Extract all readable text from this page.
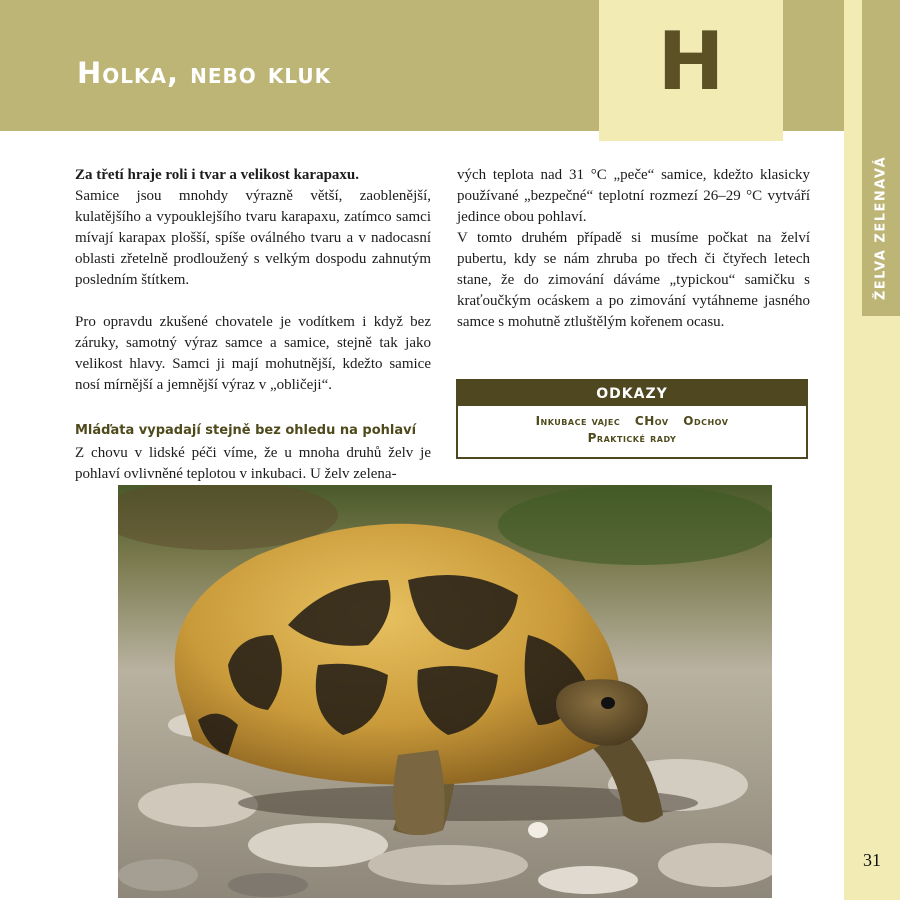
Holka, nebo kluk	H
ŽELVA ZELENAVÁ
31

Za třetí hraje roli i tvar a velikost karapaxu.

Samice jsou mnohdy výrazně větší, zaoblenější, kulatějšího a vypouklejšího tvaru karapaxu, zatímco samci mívají karapax plošší, spíše oválného tvaru a v nadocasní oblasti zřetelně prodloužený s velkým dospodu zahnutým posledním štítkem.

Pro opravdu zkušené chovatele je vodítkem i když bez záruky, samotný výraz samce a samice, stejně tak jako velikost hlavy. Samci ji mají mohutnější, kdežto samice nosí mírnější a jemnější výraz v „obličeji“.

Mláďata vypadají stejně bez ohledu na pohlaví

Z chovu v lidské péči víme, že u mnoha druhů želv je pohlaví ovlivněné teplotou v inkubaci. U želv zelena-

vých teplota nad 31 °C „peče“ samice, kdežto klasicky používané „bezpečné“ teplotní rozmezí 26–29 °C vytváří jedince obou pohlaví.

V tomto druhém případě si musíme počkat na želví pubertu, kdy se nám zhruba po třech či čtyřech letech stane, že do zimování dáváme „typickou“ samičku s kraťoučkým ocáskem a po zimování vytáhneme jasného samce s mohutně ztluštělým kořenem ocasu.

ODKAZY
Inkubace vajec CHov Odchov
Praktické rady
